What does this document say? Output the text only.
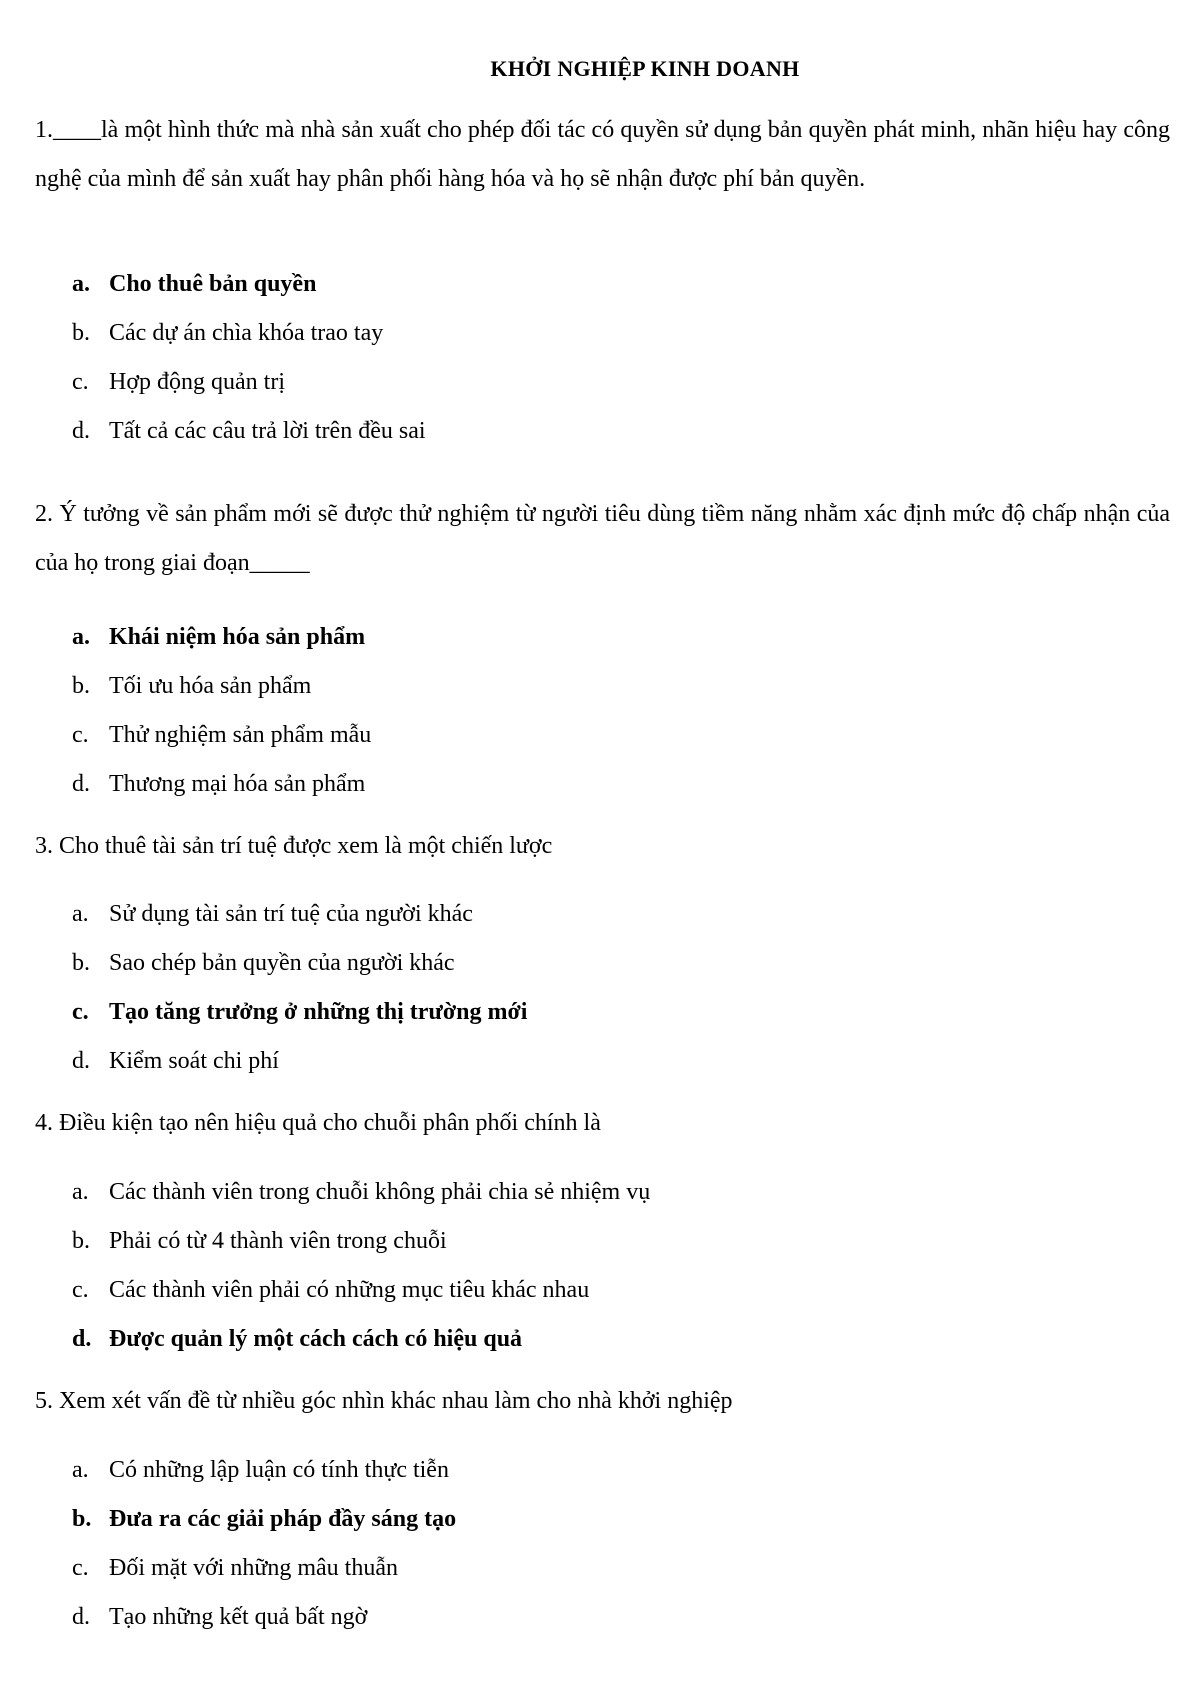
KHỞI NGHIỆP KINH DOANH
1.____là một hình thức mà nhà sản xuất cho phép đối tác có quyền sử dụng bản quyền phát minh, nhãn hiệu hay công nghệ của mình để sản xuất hay phân phối hàng hóa và họ sẽ nhận được phí bản quyền.
a. Cho thuê bản quyền
b. Các dự án chìa khóa trao tay
c. Hợp động quản trị
d. Tất cả các câu trả lời trên đều sai
2. Ý tưởng về sản phẩm mới sẽ được thử nghiệm từ người tiêu dùng tiềm năng nhằm xác định mức độ chấp nhận của của họ trong giai đoạn_____
a. Khái niệm hóa sản phẩm
b. Tối ưu hóa sản phẩm
c. Thử nghiệm sản phẩm mẫu
d. Thương mại hóa sản phẩm
3. Cho thuê tài sản trí tuệ được xem là một chiến lược
a. Sử dụng tài sản trí tuệ của người khác
b. Sao chép bản quyền của người khác
c. Tạo tăng trưởng ở những thị trường mới
d. Kiểm soát chi phí
4. Điều kiện tạo nên hiệu quả cho chuỗi phân phối chính là
a. Các thành viên trong chuỗi không phải chia sẻ nhiệm vụ
b. Phải có từ 4 thành viên trong chuỗi
c. Các thành viên phải có những mục tiêu khác nhau
d. Được quản lý một cách cách có hiệu quả
5. Xem xét vấn đề từ nhiều góc nhìn khác nhau làm cho nhà khởi nghiệp
a. Có những lập luận có tính thực tiễn
b. Đưa ra các giải pháp đầy sáng tạo
c. Đối mặt với những mâu thuẫn
d. Tạo những kết quả bất ngờ
